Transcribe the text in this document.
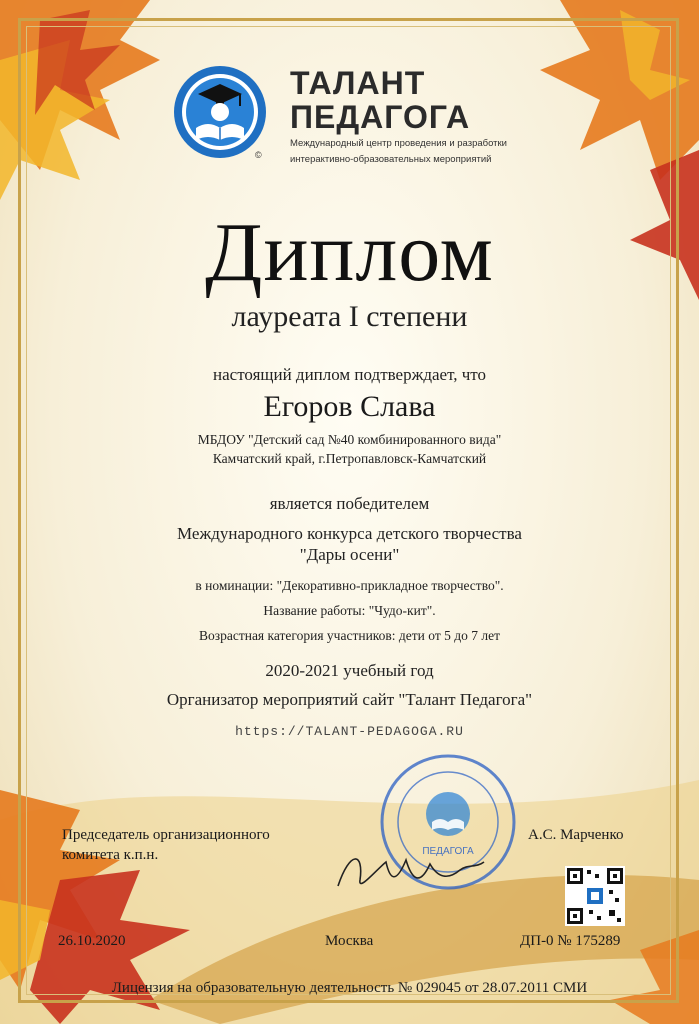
ТАЛАНТ
ПЕДАГОГА
Международный центр проведения и разработки
интерактивно-образовательных мероприятий
©
Диплом
лауреата I степени
настоящий диплом подтверждает, что
Егоров Слава
МБДОУ "Детский сад №40 комбинированного вида"
Камчатский край, г.Петропавловск-Камчатский
является победителем
Международного конкурса детского творчества
"Дары осени"
в номинации: "Декоративно-прикладное творчество".
Название работы: "Чудо-кит".
Возрастная категория участников: дети от 5 до 7 лет
2020-2021 учебный год
Организатор мероприятий сайт "Талант Педагога"
https://TALANT-PEDAGOGA.RU
ПЕДАГОГА
Председатель организационного
комитета к.п.н.
А.С. Марченко
26.10.2020	Москва	ДП-0 № 175289
Лицензия на образовательную деятельность № 029045 от 28.07.2011 СМИ
